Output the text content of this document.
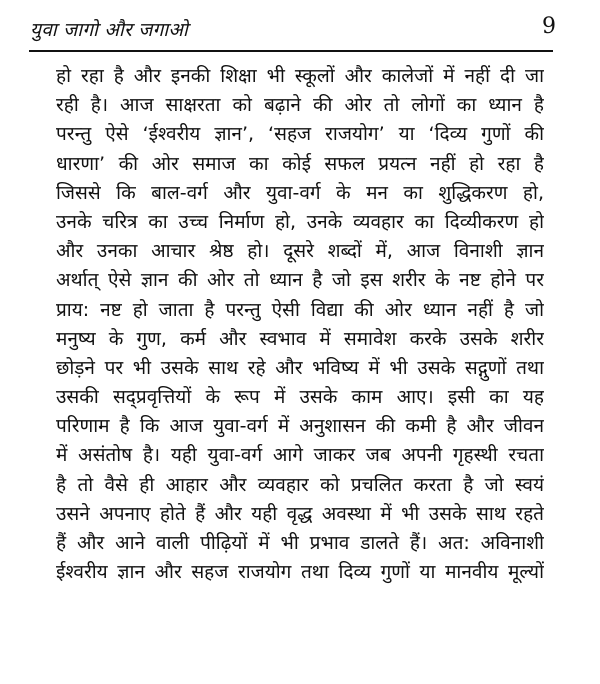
युवा जागो और जगाओ	9
हो रहा है और इनकी शिक्षा भी स्कूलों और कालेजों में नहीं दी जा
रही है। आज साक्षरता को बढ़ाने की ओर तो लोगों का ध्यान है
परन्तु ऐसे ‘ईश्वरीय ज्ञान’, ‘सहज राजयोग’ या ‘दिव्य गुणों की
धारणा’ की ओर समाज का कोई सफल प्रयत्न नहीं हो रहा है
जिससे कि बाल-वर्ग और युवा-वर्ग के मन का शुद्धिकरण हो,
उनके चरित्र का उच्च निर्माण हो, उनके व्यवहार का दिव्यीकरण हो
और उनका आचार श्रेष्ठ हो। दूसरे शब्दों में, आज विनाशी ज्ञान
अर्थात् ऐसे ज्ञान की ओर तो ध्यान है जो इस शरीर के नष्ट होने पर
प्राय: नष्ट हो जाता है परन्तु ऐसी विद्या की ओर ध्यान नहीं है जो
मनुष्य के गुण, कर्म और स्वभाव में समावेश करके उसके शरीर
छोड़ने पर भी उसके साथ रहे और भविष्य में भी उसके सद्गुणों तथा
उसकी सद्प्रवृत्तियों के रूप में उसके काम आए। इसी का यह
परिणाम है कि आज युवा-वर्ग में अनुशासन की कमी है और जीवन
में असंतोष है। यही युवा-वर्ग आगे जाकर जब अपनी गृहस्थी रचता
है तो वैसे ही आहार और व्यवहार को प्रचलित करता है जो स्वयं
उसने अपनाए होते हैं और यही वृद्ध अवस्था में भी उसके साथ रहते
हैं और आने वाली पीढ़ियों में भी प्रभाव डालते हैं। अत: अविनाशी
ईश्वरीय ज्ञान और सहज राजयोग तथा दिव्य गुणों या मानवीय मूल्यों
